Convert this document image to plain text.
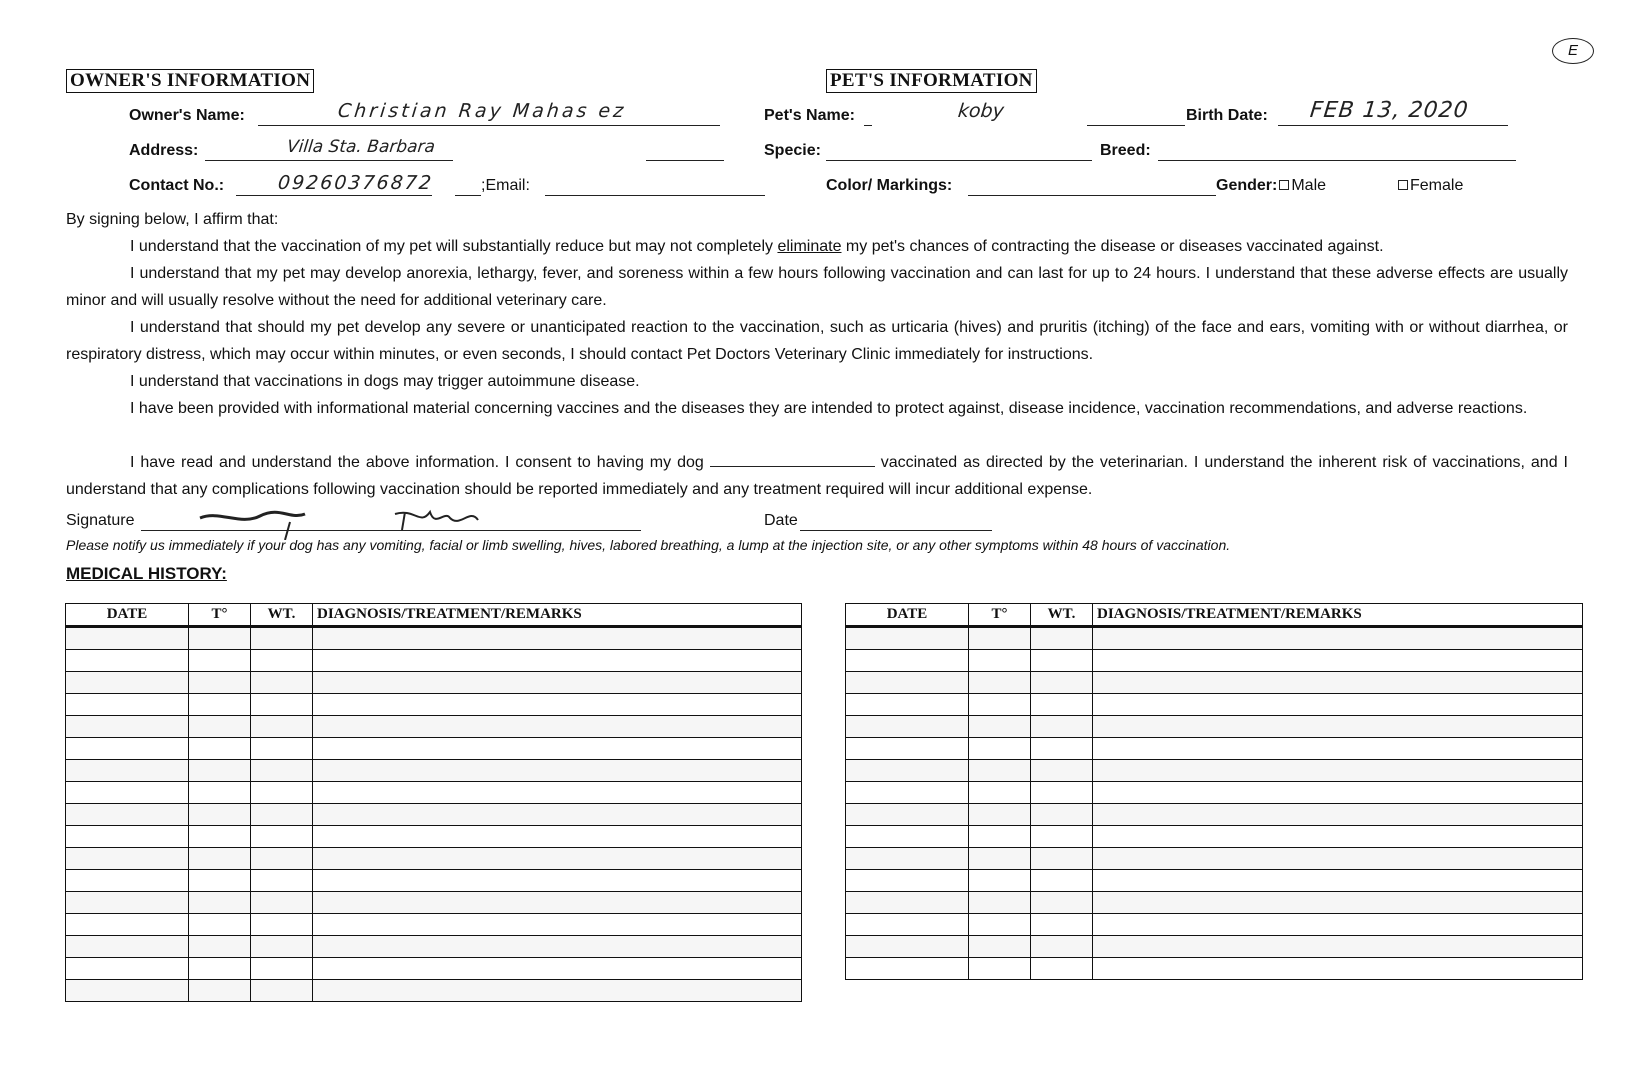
E
OWNER'S INFORMATION
Owner's Name:	Christian Ray Mahas ez
Address:	Villa Sta. Barbara
Contact No.:	09260376872	;Email:
PET'S INFORMATION
Pet's Name:	koby	Birth Date: FEB 13, 2020
Specie:	Breed:
Color/ Markings:	Gender: Male	Female
By signing below, I affirm that:
I understand that the vaccination of my pet will substantially reduce but may not completely eliminate my pet's chances of contracting the disease or diseases vaccinated against.
I understand that my pet may develop anorexia, lethargy, fever, and soreness within a few hours following vaccination and can last for up to 24 hours. I understand that these adverse effects are usually minor and will usually resolve without the need for additional veterinary care.
I understand that should my pet develop any severe or unanticipated reaction to the vaccination, such as urticaria (hives) and pruritis (itching) of the face and ears, vomiting with or without diarrhea, or respiratory distress, which may occur within minutes, or even seconds, I should contact Pet Doctors Veterinary Clinic immediately for instructions.
I understand that vaccinations in dogs may trigger autoimmune disease.
I have been provided with informational material concerning vaccines and the diseases they are intended to protect against, disease incidence, vaccination recommendations, and adverse reactions.
I have read and understand the above information. I consent to having my dog	vaccinated as directed by the veterinarian. I understand the inherent risk of vaccinations, and I understand that any complications following vaccination should be reported immediately and any treatment required will incur additional expense.
Signature	Date
Please notify us immediately if your dog has any vomiting, facial or limb swelling, hives, labored breathing, a lump at the injection site, or any other symptoms within 48 hours of vaccination.
MEDICAL HISTORY:
DATE	T°	WT.	DIAGNOSIS/TREATMENT/REMARKS

				DATE	T°	WT.	DIAGNOSIS/TREATMENT/REMARKS
